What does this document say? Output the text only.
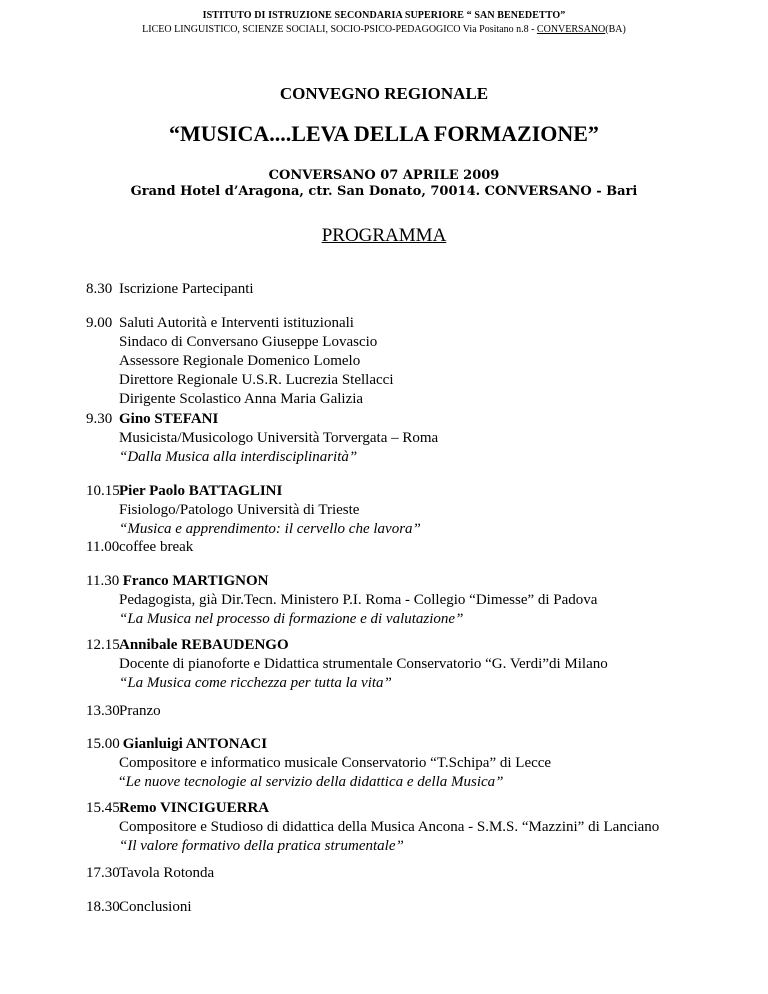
ISTITUTO DI ISTRUZIONE SECONDARIA SUPERIORE “ SAN BENEDETTO”
LICEO LINGUISTICO, SCIENZE SOCIALI, SOCIO-PSICO-PEDAGOGICO Via Positano n.8 - CONVERSANO(BA)
CONVEGNO REGIONALE
“MUSICA....LEVA DELLA FORMAZIONE”
CONVERSANO 07 APRILE 2009
Grand Hotel d’Aragona, ctr. San Donato, 70014. CONVERSANO - Bari
PROGRAMMA
8.30 Iscrizione Partecipanti
9.00 Saluti Autorità e Interventi istituzionali
Sindaco di Conversano Giuseppe Lovascio
Assessore Regionale Domenico Lomelo
Direttore Regionale U.S.R. Lucrezia Stellacci
Dirigente Scolastico Anna Maria Galizia
9.30 Gino STEFANI
Musicista/Musicologo Università Torvergata – Roma
“Dalla Musica alla interdisciplinarità”
10.15 Pier Paolo BATTAGLINI
Fisiologo/Patologo Università di Trieste
“Musica e apprendimento: il cervello che lavora”
11.00 coffee break
11.30 Franco MARTIGNON
Pedagogista, già Dir.Tecn. Ministero P.I. Roma - Collegio “Dimesse” di Padova
“La Musica nel processo di formazione e di valutazione”
12.15 Annibale REBAUDENGO
Docente di pianoforte e Didattica strumentale Conservatorio “G. Verdi”di Milano
“La Musica come ricchezza per tutta la vita”
13.30 Pranzo
15.00 Gianluigi ANTONACI
Compositore e informatico musicale Conservatorio “T.Schipa” di Lecce
“Le nuove tecnologie al servizio della didattica e della Musica”
15.45 Remo VINCIGUERRA
Compositore e Studioso di didattica della Musica Ancona - S.M.S. “Mazzini” di Lanciano
“Il valore formativo della pratica strumentale”
17.30 Tavola Rotonda
18.30 Conclusioni
